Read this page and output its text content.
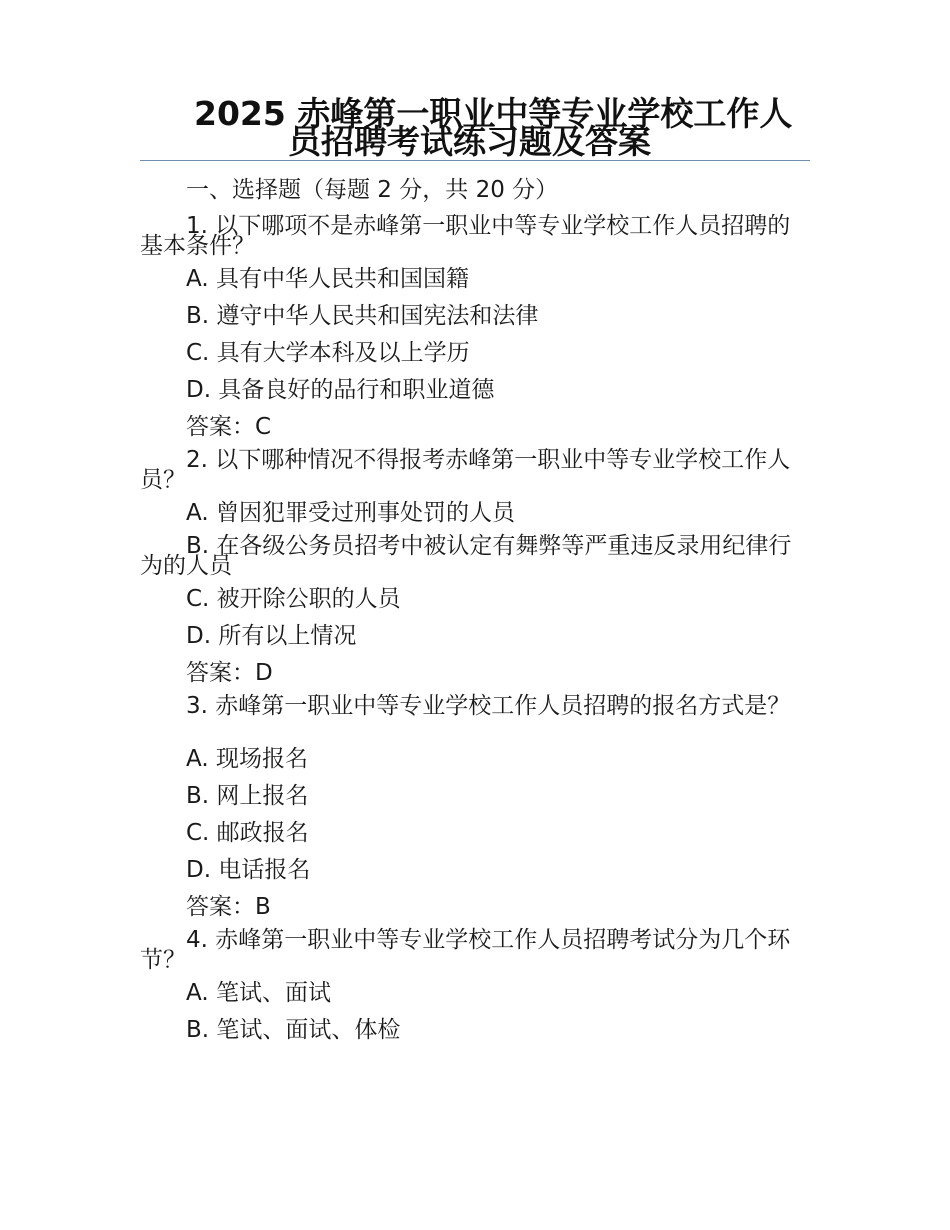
2025 赤峰第一职业中等专业学校工作人
员招聘考试练习题及答案
一、选择题（每题 2 分，共 20 分）
1. 以下哪项不是赤峰第一职业中等专业学校工作人员招聘的基本条件？
A. 具有中华人民共和国国籍
B. 遵守中华人民共和国宪法和法律
C. 具有大学本科及以上学历
D. 具备良好的品行和职业道德
答案：C
2. 以下哪种情况不得报考赤峰第一职业中等专业学校工作人员？
A. 曾因犯罪受过刑事处罚的人员
B. 在各级公务员招考中被认定有舞弊等严重违反录用纪律行为的人员
C. 被开除公职的人员
D. 所有以上情况
答案：D
3. 赤峰第一职业中等专业学校工作人员招聘的报名方式是？
A. 现场报名
B. 网上报名
C. 邮政报名
D. 电话报名
答案：B
4. 赤峰第一职业中等专业学校工作人员招聘考试分为几个环节？
A. 笔试、面试
B. 笔试、面试、体检
